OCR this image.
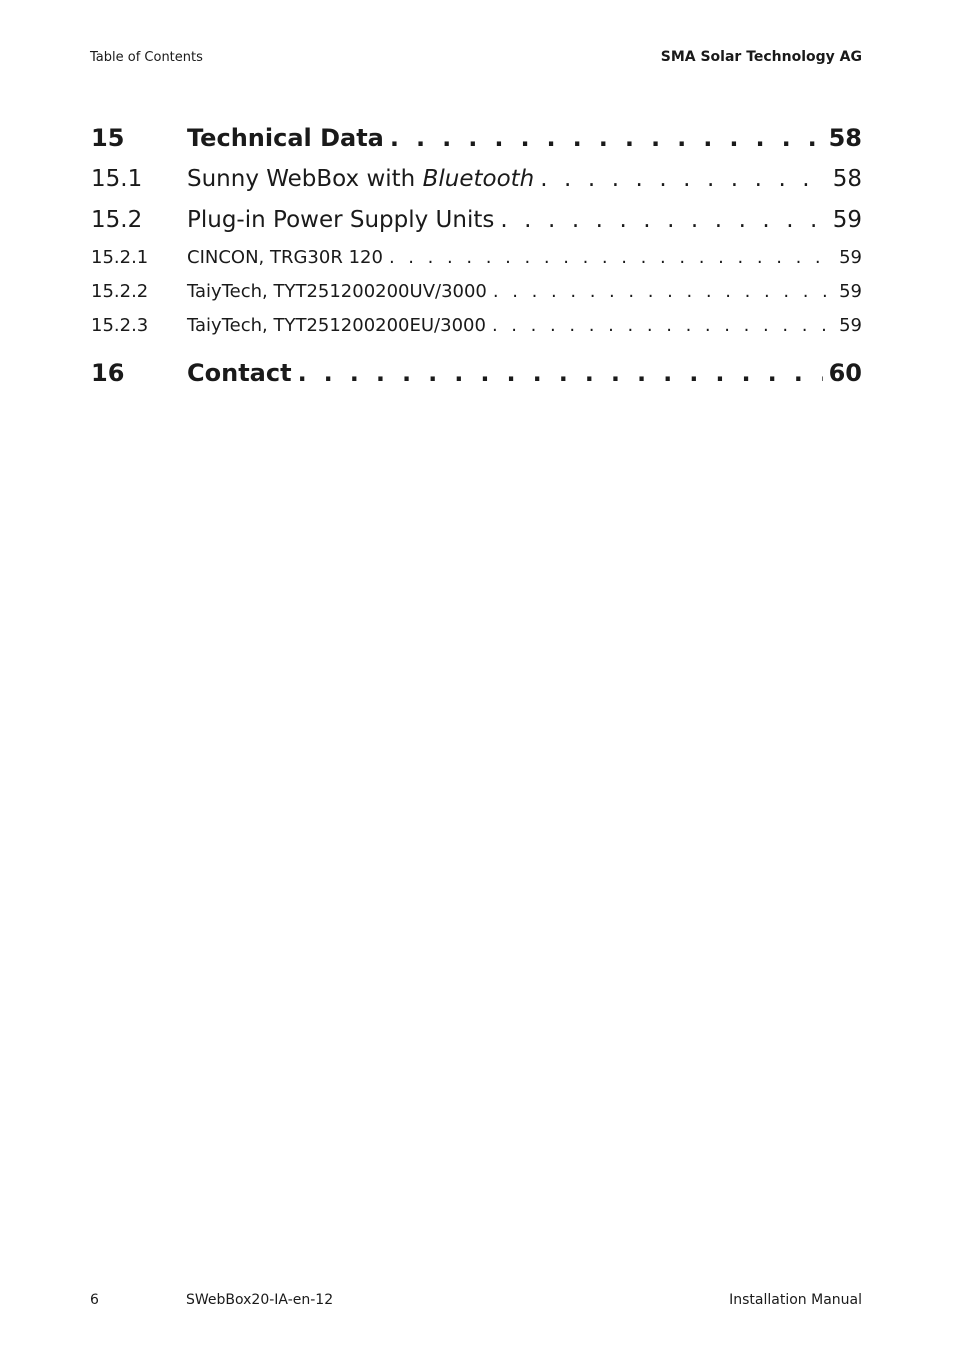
Table of Contents	SMA Solar Technology AG
15	Technical Data . . .	58
15.1	Sunny WebBox with Bluetooth . . .	58
15.2	Plug-in Power Supply Units . . .	59
15.2.1	CINCON, TRG30R 120 . . .	59
15.2.2	TaiyTech, TYT251200200UV/3000 . . .	59
15.2.3	TaiyTech, TYT251200200EU/3000 . . .	59
16	Contact . . .	60
6	SWebBox20-IA-en-12	Installation Manual
